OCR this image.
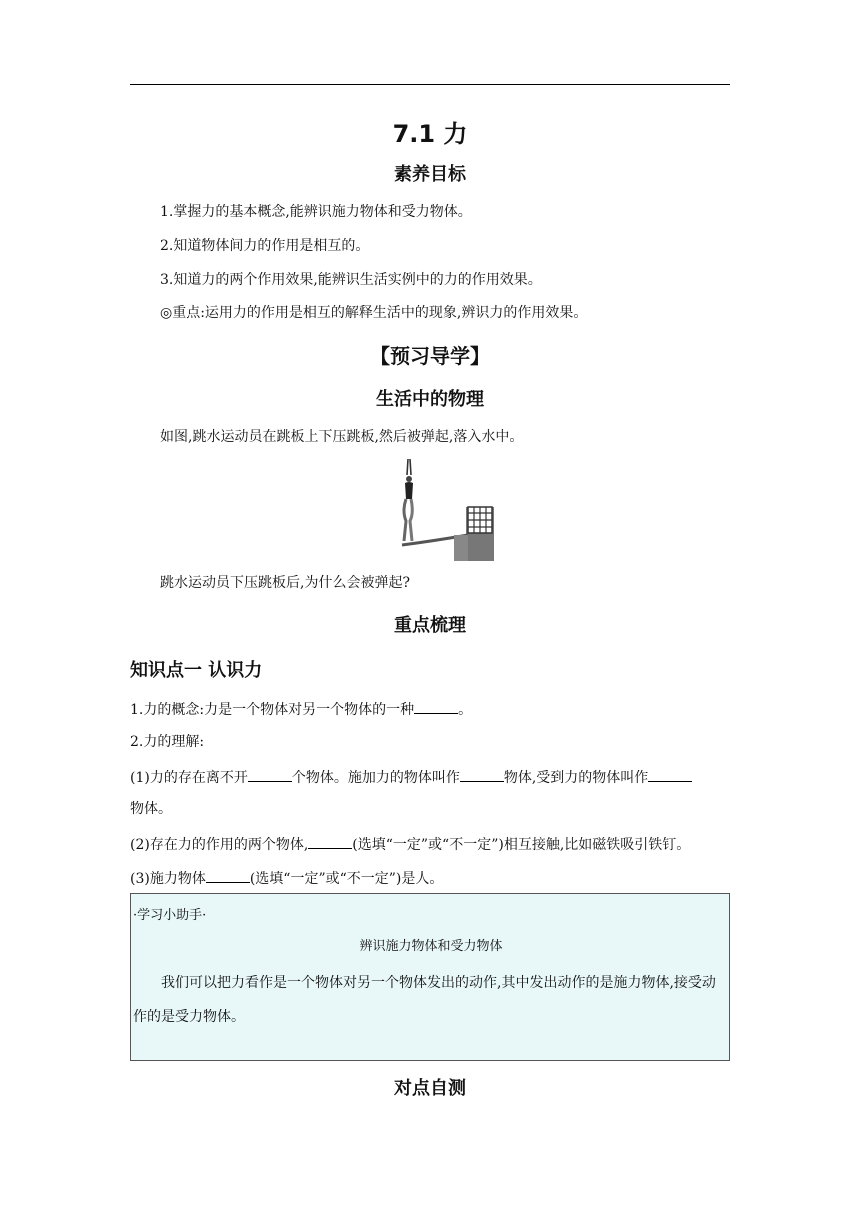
7.1 力
素养目标
1.掌握力的基本概念,能辨识施力物体和受力物体。
2.知道物体间力的作用是相互的。
3.知道力的两个作用效果,能辨识生活实例中的力的作用效果。
◎重点:运用力的作用是相互的解释生活中的现象,辨识力的作用效果。
【预习导学】
生活中的物理
如图,跳水运动员在跳板上下压跳板,然后被弹起,落入水中。
跳水运动员下压跳板后,为什么会被弹起?
重点梳理
知识点一 认识力
1.力的概念:力是一个物体对另一个物体的一种	。
2.力的理解:
(1)力的存在离不开	个物体。施加力的物体叫作	物体,受到力的物体叫作
物体。
(2)存在力的作用的两个物体,	(选填“一定”或“不一定”)相互接触,比如磁铁吸引铁钉。
(3)施力物体	(选填“一定”或“不一定”)是人。
·学习小助手·
辨识施力物体和受力物体
我们可以把力看作是一个物体对另一个物体发出的动作,其中发出动作的是施力物体,接受动作的是受力物体。
对点自测
